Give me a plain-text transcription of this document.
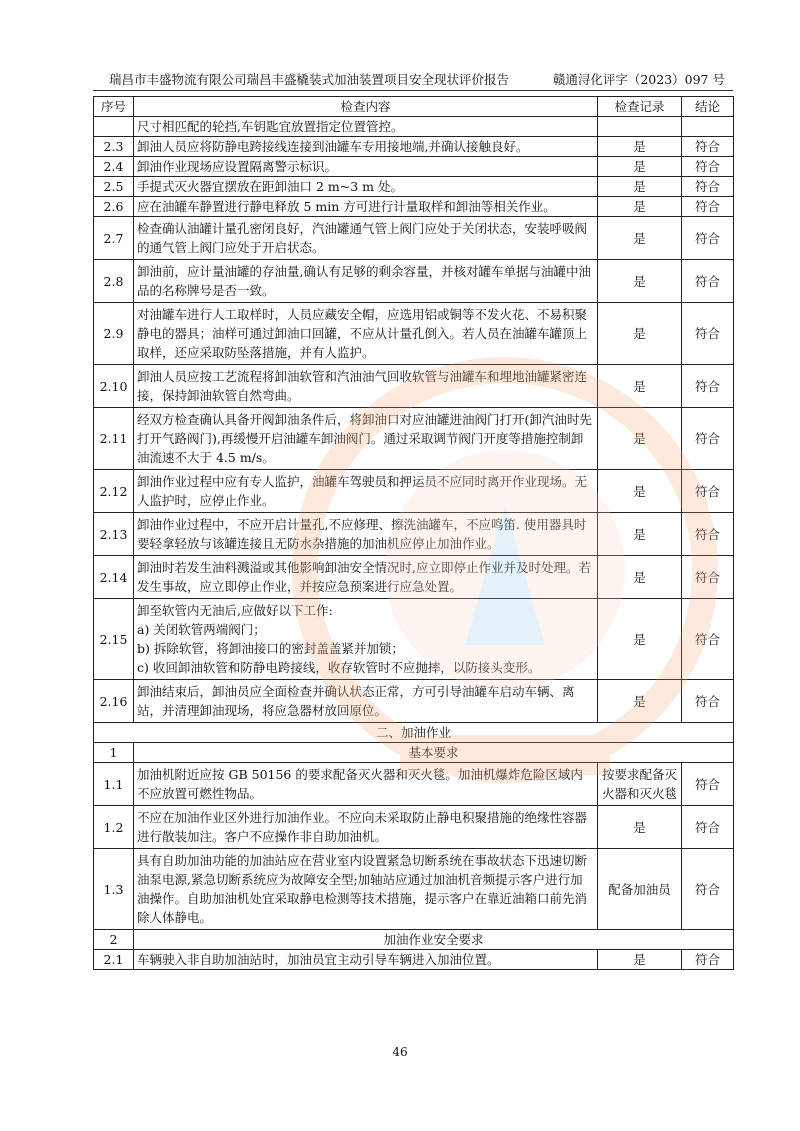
瑞昌市丰盛物流有限公司瑞昌丰盛橇装式加油装置项目安全现状评价报告	赣通浔化评字（2023）097 号
序号	检查内容	检查记录	结论
	尺寸相匹配的轮挡,车钥匙宜放置指定位置管控。		
2.3	卸油人员应将防静电跨接线连接到油罐车专用接地端,并确认接触良好。	是	符合
2.4	卸油作业现场应设置隔离警示标识。	是	符合
2.5	手提式灭火器宜摆放在距卸油口 2 m~3 m 处。	是	符合
2.6	应在油罐车静置进行静电释放 5 min 方可进行计量取样和卸油等相关作业。	是	符合
2.7	检查确认油罐计量孔密闭良好，汽油罐通气管上阀门应处于关闭状态，安装呼吸阀的通气管上阀门应处于开启状态。	是	符合
2.8	卸油前，应计量油罐的存油量,确认有足够的剩余容量，并核对罐车单据与油罐中油品的名称牌号是否一致。	是	符合
2.9	对油罐车进行人工取样时，人员应藏安全帽，应选用铝或铜等不发火花、不易积聚静电的器具；油样可通过卸油口回罐，不应从计量孔倒入。若人员在油罐车罐顶上取样，还应采取防坠落措施，并有人监护。	是	符合
2.10	卸油人员应按工艺流程将卸油软管和汽油油气回收软管与油罐车和埋地油罐紧密连接，保持卸油软管自然弯曲。	是	符合
2.11	经双方检查确认具备开阀卸油条件后，将卸油口对应油罐进油阀门打开(卸汽油时先打开气路阀门),再缓慢开启油罐车卸油阀门。通过采取调节阀门开度等措施控制卸油流速不大于 4.5 m/s。	是	符合
2.12	卸油作业过程中应有专人监护，油罐车驾驶员和押运员不应同时离开作业现场。无人监护时，应停止作业。	是	符合
2.13	卸油作业过程中，不应开启计量孔,不应修理、擦洗油罐车，不应鸣笛. 使用器具时要轻拿轻放与该罐连接且无防水杂措施的加油机应停止加油作业。	是	符合
2.14	卸油时若发生油料溅溢或其他影响卸油安全情况时,应立即停止作业并及时处理。若发生事故，应立即停止作业，并按应急预案进行应急处置。	是	符合
2.15	卸至软管内无油后,应做好以下工作:
a) 关闭软管两端阀门；
b) 拆除软管，将卸油接口的密封盖盖紧并加锁；
c) 收回卸油软管和防静电跨接线，收存软管时不应抛摔，以防接头变形。	是	符合
2.16	卸油结束后，卸油员应全面检查并确认状态正常，方可引导油罐车启动车辆、离站，并清理卸油现场，将应急器材放回原位。	是	符合
二、加油作业			
1	基本要求		
1.1	加油机附近应按 GB 50156 的要求配备灭火器和灭火毯。加油机爆炸危险区域内不应放置可燃性物品。	按要求配备灭火器和灭火毯	符合
1.2	不应在加油作业区外进行加油作业。不应向未采取防止静电积聚措施的绝缘性容器进行散装加注。客户不应操作非自助加油机。	是	符合
1.3	具有自助加油功能的加油站应在营业室内设置紧急切断系统在事故状态下迅速切断油泵电源,紧急切断系统应为故障安全型;加轴站应通过加油机音频提示客户进行加油操作。自助加油机处宜采取静电检测等技术措施，提示客户在靠近油箱口前先消除人体静电。	配备加油员	符合
2	加油作业安全要求		
2.1	车辆驶入非自助加油站时，加油员宜主动引导车辆进入加油位置。	是	符合
46
